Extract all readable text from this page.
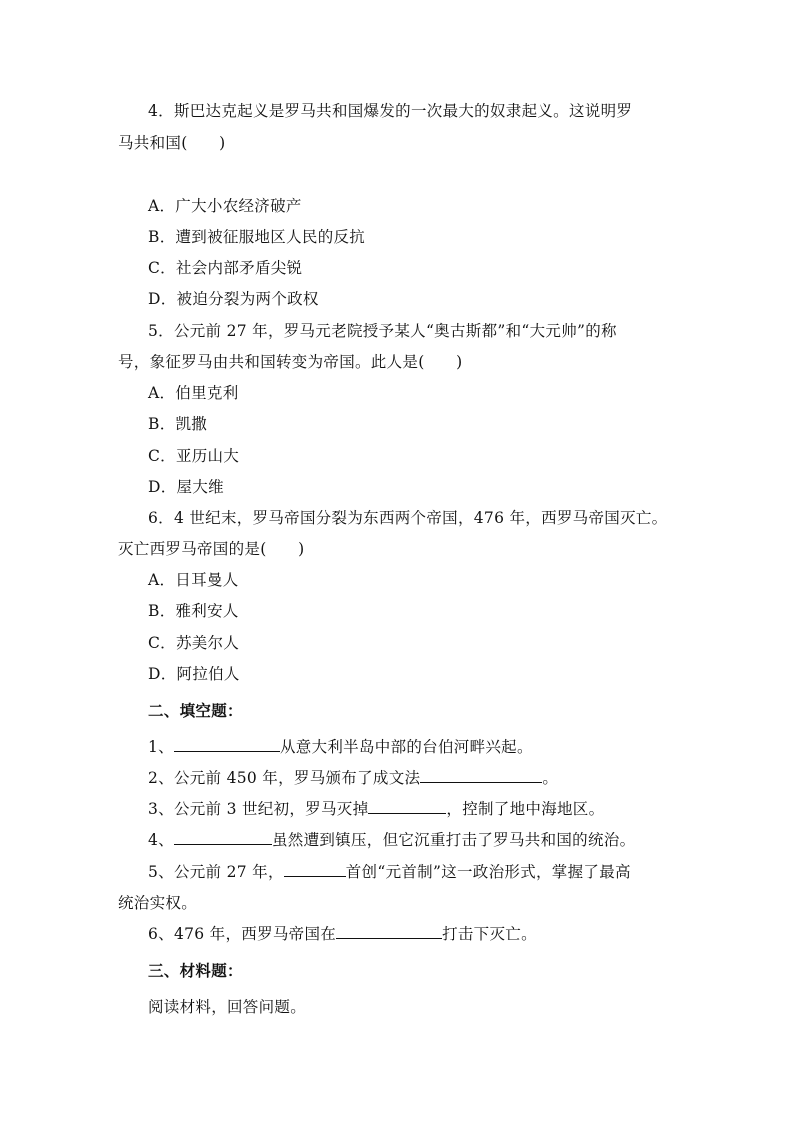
4．斯巴达克起义是罗马共和国爆发的一次最大的奴隶起义。这说明罗
马共和国(　　)
A．广大小农经济破产
B．遭到被征服地区人民的反抗
C．社会内部矛盾尖锐
D．被迫分裂为两个政权
5．公元前 27 年，罗马元老院授予某人“奥古斯都”和“大元帅”的称
号，象征罗马由共和国转变为帝国。此人是(　　)
A．伯里克利
B．凯撒
C．亚历山大
D．屋大维
6．4 世纪末，罗马帝国分裂为东西两个帝国，476 年，西罗马帝国灭亡。
灭亡西罗马帝国的是(　　)
A．日耳曼人
B．雅利安人
C．苏美尔人
D．阿拉伯人
二、填空题：
1、	从意大利半岛中部的台伯河畔兴起。
2、公元前 450 年，罗马颁布了成文法	。
3、公元前 3 世纪初，罗马灭掉	，控制了地中海地区。
4、	虽然遭到镇压，但它沉重打击了罗马共和国的统治。
5、公元前 27 年，	首创“元首制”这一政治形式，掌握了最高
统治实权。
6、476 年，西罗马帝国在	打击下灭亡。
三、材料题：
阅读材料，回答问题。
